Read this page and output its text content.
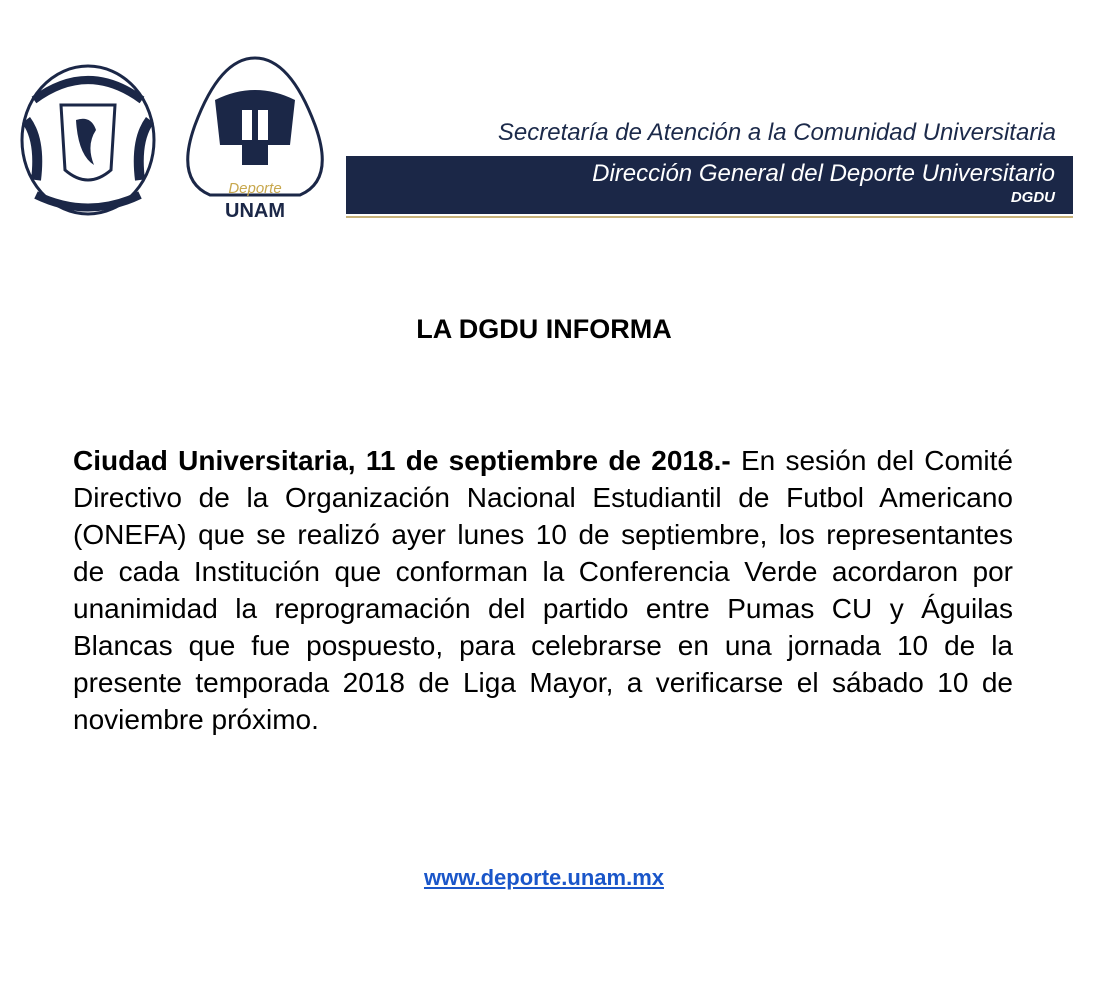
Deporte
UNAM
Secretaría de Atención a la Comunidad Universitaria
Dirección General del Deporte Universitario
DGDU
LA DGDU INFORMA
Ciudad Universitaria, 11 de septiembre de 2018.- En sesión del Comité Directivo de la Organización Nacional Estudiantil de Futbol Americano (ONEFA) que se realizó ayer lunes 10 de septiembre, los representantes de cada Institución que conforman la Conferencia Verde acordaron por unanimidad la reprogramación del partido entre Pumas CU y Águilas Blancas que fue pospuesto, para celebrarse en una jornada 10 de la presente temporada 2018 de Liga Mayor, a verificarse el sábado 10 de noviembre próximo.
www.deporte.unam.mx
